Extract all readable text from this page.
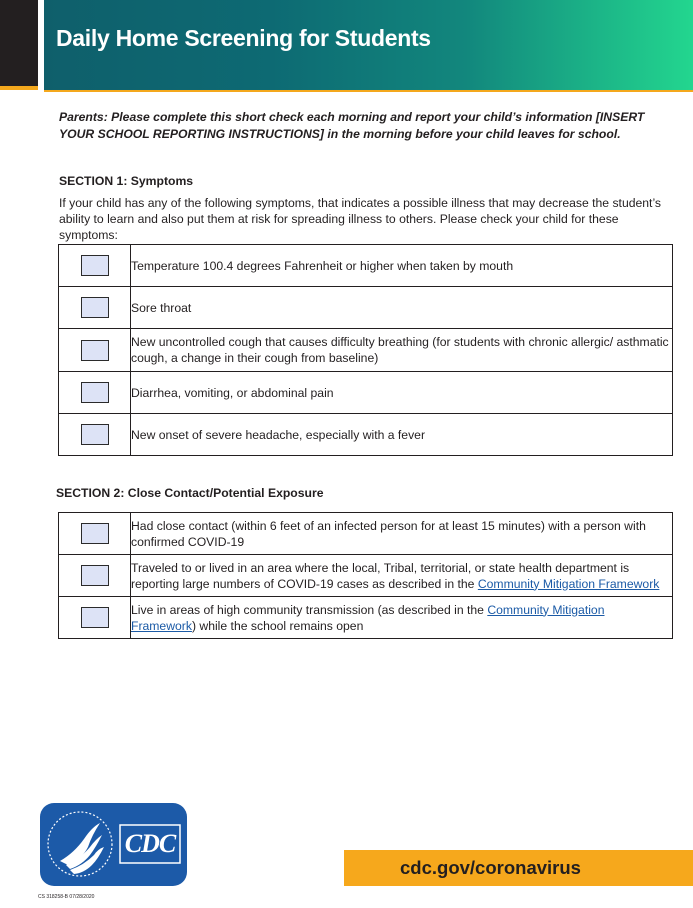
Daily Home Screening for Students

Parents: Please complete this short check each morning and report your child’s information [INSERT YOUR SCHOOL REPORTING INSTRUCTIONS] in the morning before your child leaves for school.

SECTION 1: Symptoms

If your child has any of the following symptoms, that indicates a possible illness that may decrease the student’s ability to learn and also put them at risk for spreading illness to others. Please check your child for these symptoms:

	Temperature 100.4 degrees Fahrenheit or higher when taken by mouth
	Sore throat
	New uncontrolled cough that causes difficulty breathing (for students with chronic allergic/ asthmatic cough, a change in their cough from baseline)
	Diarrhea, vomiting, or abdominal pain
	New onset of severe headache, especially with a fever

SECTION 2: Close Contact/Potential Exposure

	Had close contact (within 6 feet of an infected person for at least 15 minutes) with a person with confirmed COVID-19
	Traveled to or lived in an area where the local, Tribal, territorial, or state health department is reporting large numbers of COVID-19 cases as described in the Community Mitigation Framework
	Live in areas of high community transmission (as described in the Community Mitigation Framework) while the school remains open
CDC
cdc.gov/coronavirus
CS 318258-B 07/28/2020
